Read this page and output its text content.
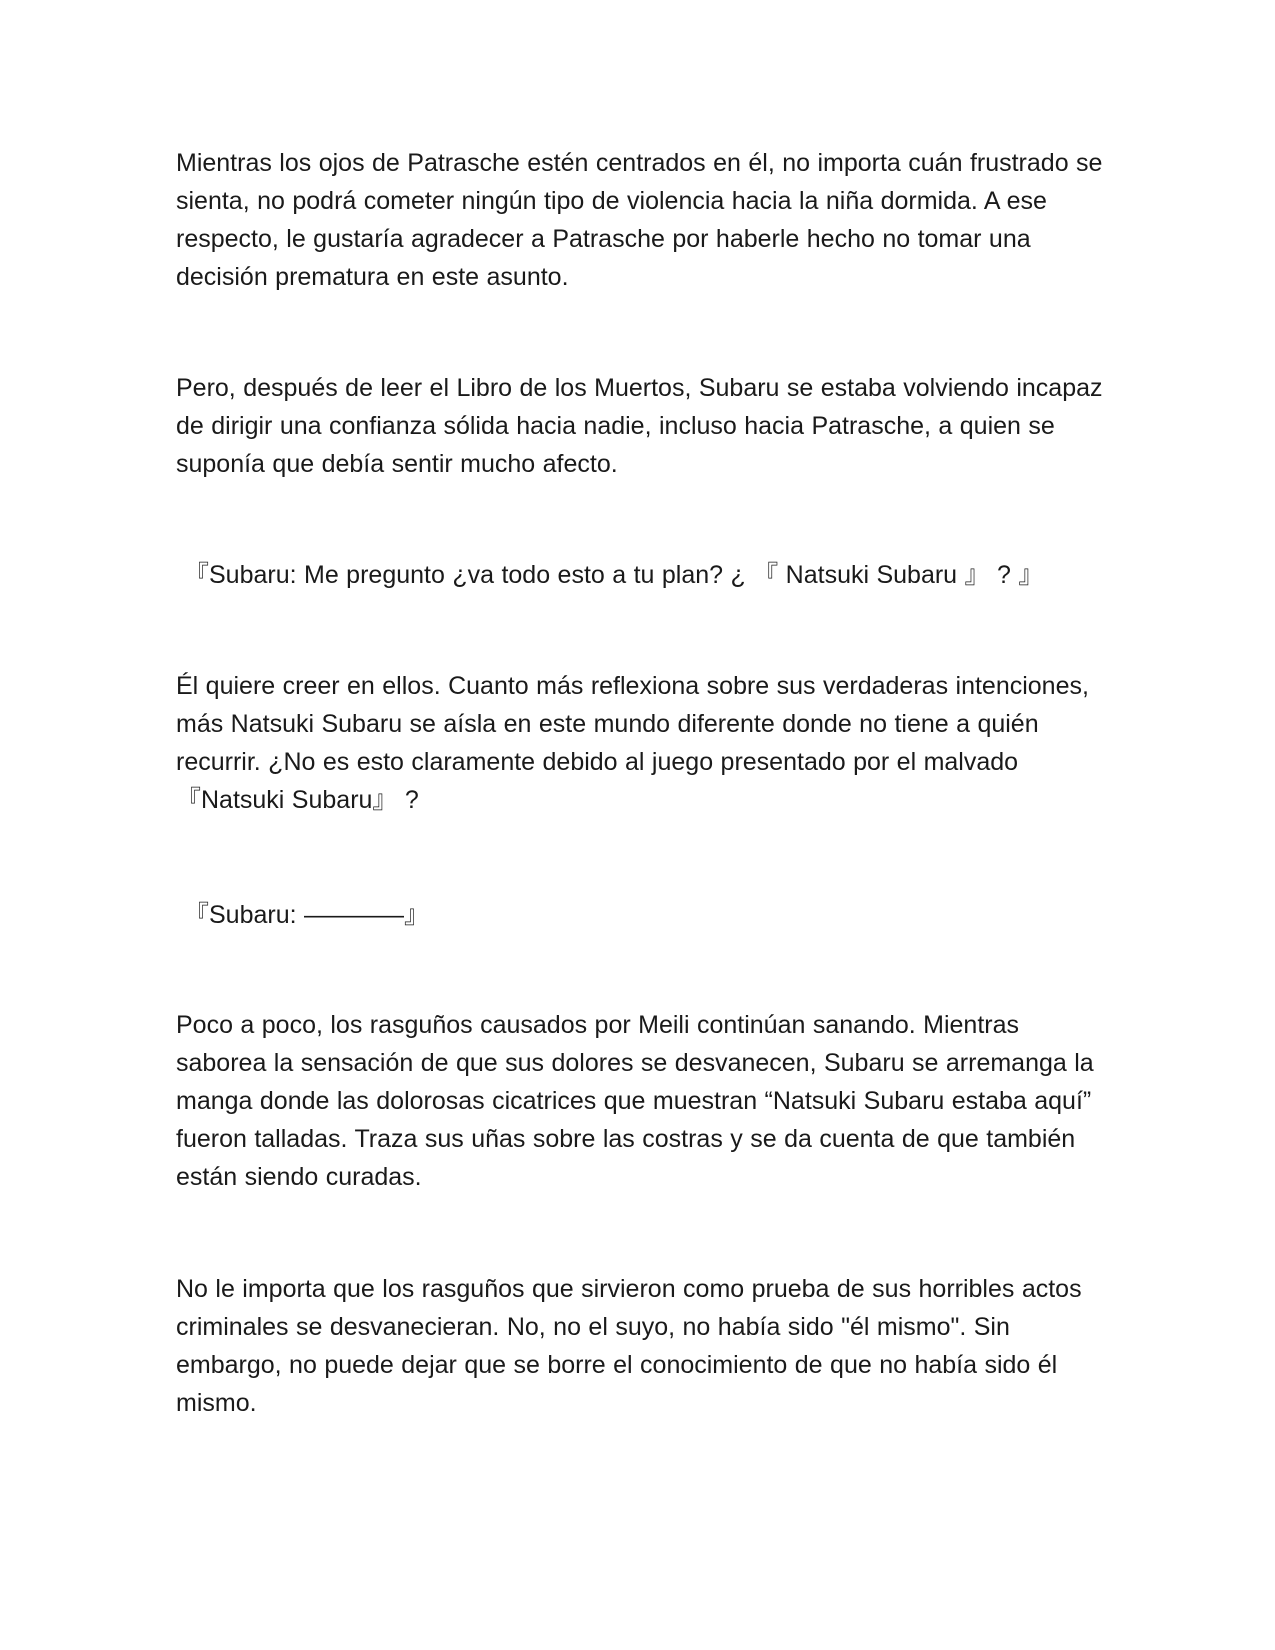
Mientras los ojos de Patrasche estén centrados en él, no importa cuán frustrado se sienta, no podrá cometer ningún tipo de violencia hacia la niña dormida. A ese respecto, le gustaría agradecer a Patrasche por haberle hecho no tomar una decisión prematura en este asunto.

Pero, después de leer el Libro de los Muertos, Subaru se estaba volviendo incapaz de dirigir una confianza sólida hacia nadie, incluso hacia Patrasche, a quien se suponía que debía sentir mucho afecto.

『Subaru: Me pregunto ¿va todo esto a tu plan? ¿ 『 Natsuki Subaru 』 ? 』

Él quiere creer en ellos. Cuanto más reflexiona sobre sus verdaderas intenciones, más Natsuki Subaru se aísla en este mundo diferente donde no tiene a quién recurrir. ¿No es esto claramente debido al juego presentado por el malvado 『Natsuki Subaru』 ?

『Subaru: ————』

Poco a poco, los rasguños causados por Meili continúan sanando. Mientras saborea la sensación de que sus dolores se desvanecen, Subaru se arremanga la manga donde las dolorosas cicatrices que muestran “Natsuki Subaru estaba aquí” fueron talladas. Traza sus uñas sobre las costras y se da cuenta de que también están siendo curadas.

No le importa que los rasguños que sirvieron como prueba de sus horribles actos criminales se desvanecieran. No, no el suyo, no había sido "él mismo". Sin embargo, no puede dejar que se borre el conocimiento de que no había sido él mismo.
